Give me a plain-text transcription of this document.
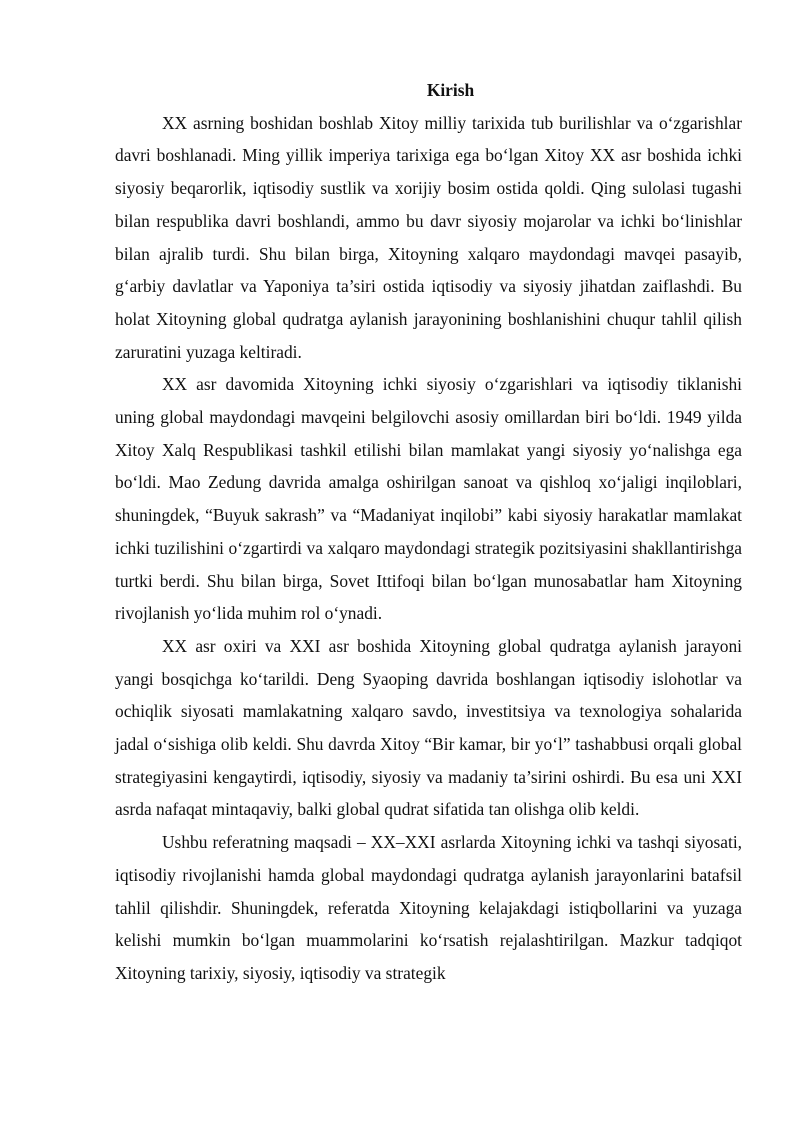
Kirish

XX asrning boshidan boshlab Xitoy milliy tarixida tub burilishlar va o‘zgarishlar davri boshlanadi. Ming yillik imperiya tarixiga ega bo‘lgan Xitoy XX asr boshida ichki siyosiy beqarorlik, iqtisodiy sustlik va xorijiy bosim ostida qoldi. Qing sulolasi tugashi bilan respublika davri boshlandi, ammo bu davr siyosiy mojarolar va ichki bo‘linishlar bilan ajralib turdi. Shu bilan birga, Xitoyning xalqaro maydondagi mavqei pasayib, g‘arbiy davlatlar va Yaponiya ta’siri ostida iqtisodiy va siyosiy jihatdan zaiflashdi. Bu holat Xitoyning global qudratga aylanish jarayonining boshlanishini chuqur tahlil qilish zaruratini yuzaga keltiradi.

XX asr davomida Xitoyning ichki siyosiy o‘zgarishlari va iqtisodiy tiklanishi uning global maydondagi mavqeini belgilovchi asosiy omillardan biri bo‘ldi. 1949 yilda Xitoy Xalq Respublikasi tashkil etilishi bilan mamlakat yangi siyosiy yo‘nalishga ega bo‘ldi. Mao Zedung davrida amalga oshirilgan sanoat va qishloq xo‘jaligi inqiloblari, shuningdek, “Buyuk sakrash” va “Madaniyat inqilobi” kabi siyosiy harakatlar mamlakat ichki tuzilishini o‘zgartirdi va xalqaro maydondagi strategik pozitsiyasini shakllantirishga turtki berdi. Shu bilan birga, Sovet Ittifoqi bilan bo‘lgan munosabatlar ham Xitoyning rivojlanish yo‘lida muhim rol o‘ynadi.

XX asr oxiri va XXI asr boshida Xitoyning global qudratga aylanish jarayoni yangi bosqichga ko‘tarildi. Deng Syaoping davrida boshlangan iqtisodiy islohotlar va ochiqlik siyosati mamlakatning xalqaro savdo, investitsiya va texnologiya sohalarida jadal o‘sishiga olib keldi. Shu davrda Xitoy “Bir kamar, bir yo‘l” tashabbusi orqali global strategiyasini kengaytirdi, iqtisodiy, siyosiy va madaniy ta’sirini oshirdi. Bu esa uni XXI asrda nafaqat mintaqaviy, balki global qudrat sifatida tan olishga olib keldi.

Ushbu referatning maqsadi – XX–XXI asrlarda Xitoyning ichki va tashqi siyosati, iqtisodiy rivojlanishi hamda global maydondagi qudratga aylanish jarayonlarini batafsil tahlil qilishdir. Shuningdek, referatda Xitoyning kelajakdagi istiqbollarini va yuzaga kelishi mumkin bo‘lgan muammolarini ko‘rsatish rejalashtirilgan. Mazkur tadqiqot Xitoyning tarixiy, siyosiy, iqtisodiy va strategik
